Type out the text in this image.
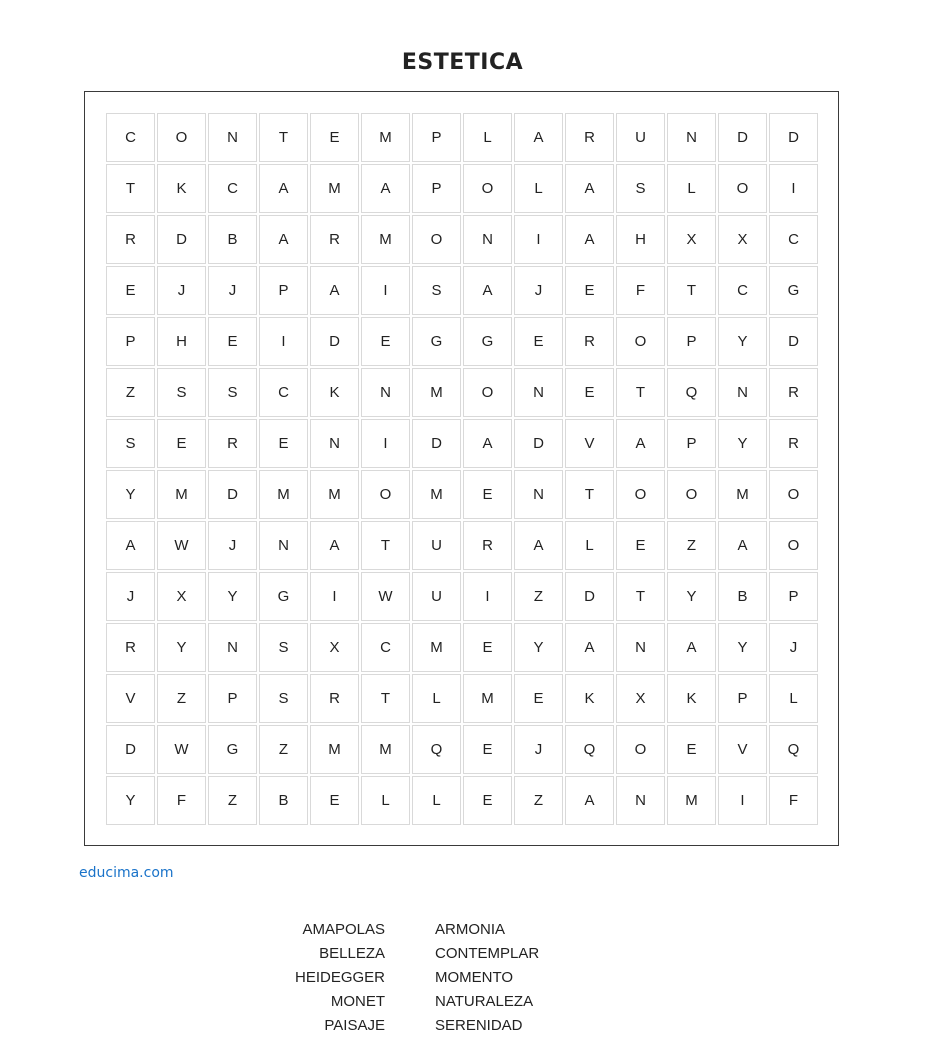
ESTETICA
C	O	N	T	E	M	P	L	A	R	U	N	D	D
T	K	C	A	M	A	P	O	L	A	S	L	O	I
R	D	B	A	R	M	O	N	I	A	H	X	X	C
E	J	J	P	A	I	S	A	J	E	F	T	C	G
P	H	E	I	D	E	G	G	E	R	O	P	Y	D
Z	S	S	C	K	N	M	O	N	E	T	Q	N	R
S	E	R	E	N	I	D	A	D	V	A	P	Y	R
Y	M	D	M	M	O	M	E	N	T	O	O	M	O
A	W	J	N	A	T	U	R	A	L	E	Z	A	O
J	X	Y	G	I	W	U	I	Z	D	T	Y	B	P
R	Y	N	S	X	C	M	E	Y	A	N	A	Y	J
V	Z	P	S	R	T	L	M	E	K	X	K	P	L
D	W	G	Z	M	M	Q	E	J	Q	O	E	V	Q
Y	F	Z	B	E	L	L	E	Z	A	N	M	I	F
educima.com
AMAPOLAS
BELLEZA
HEIDEGGER
MONET
PAISAJE
ARMONIA
CONTEMPLAR
MOMENTO
NATURALEZA
SERENIDAD
